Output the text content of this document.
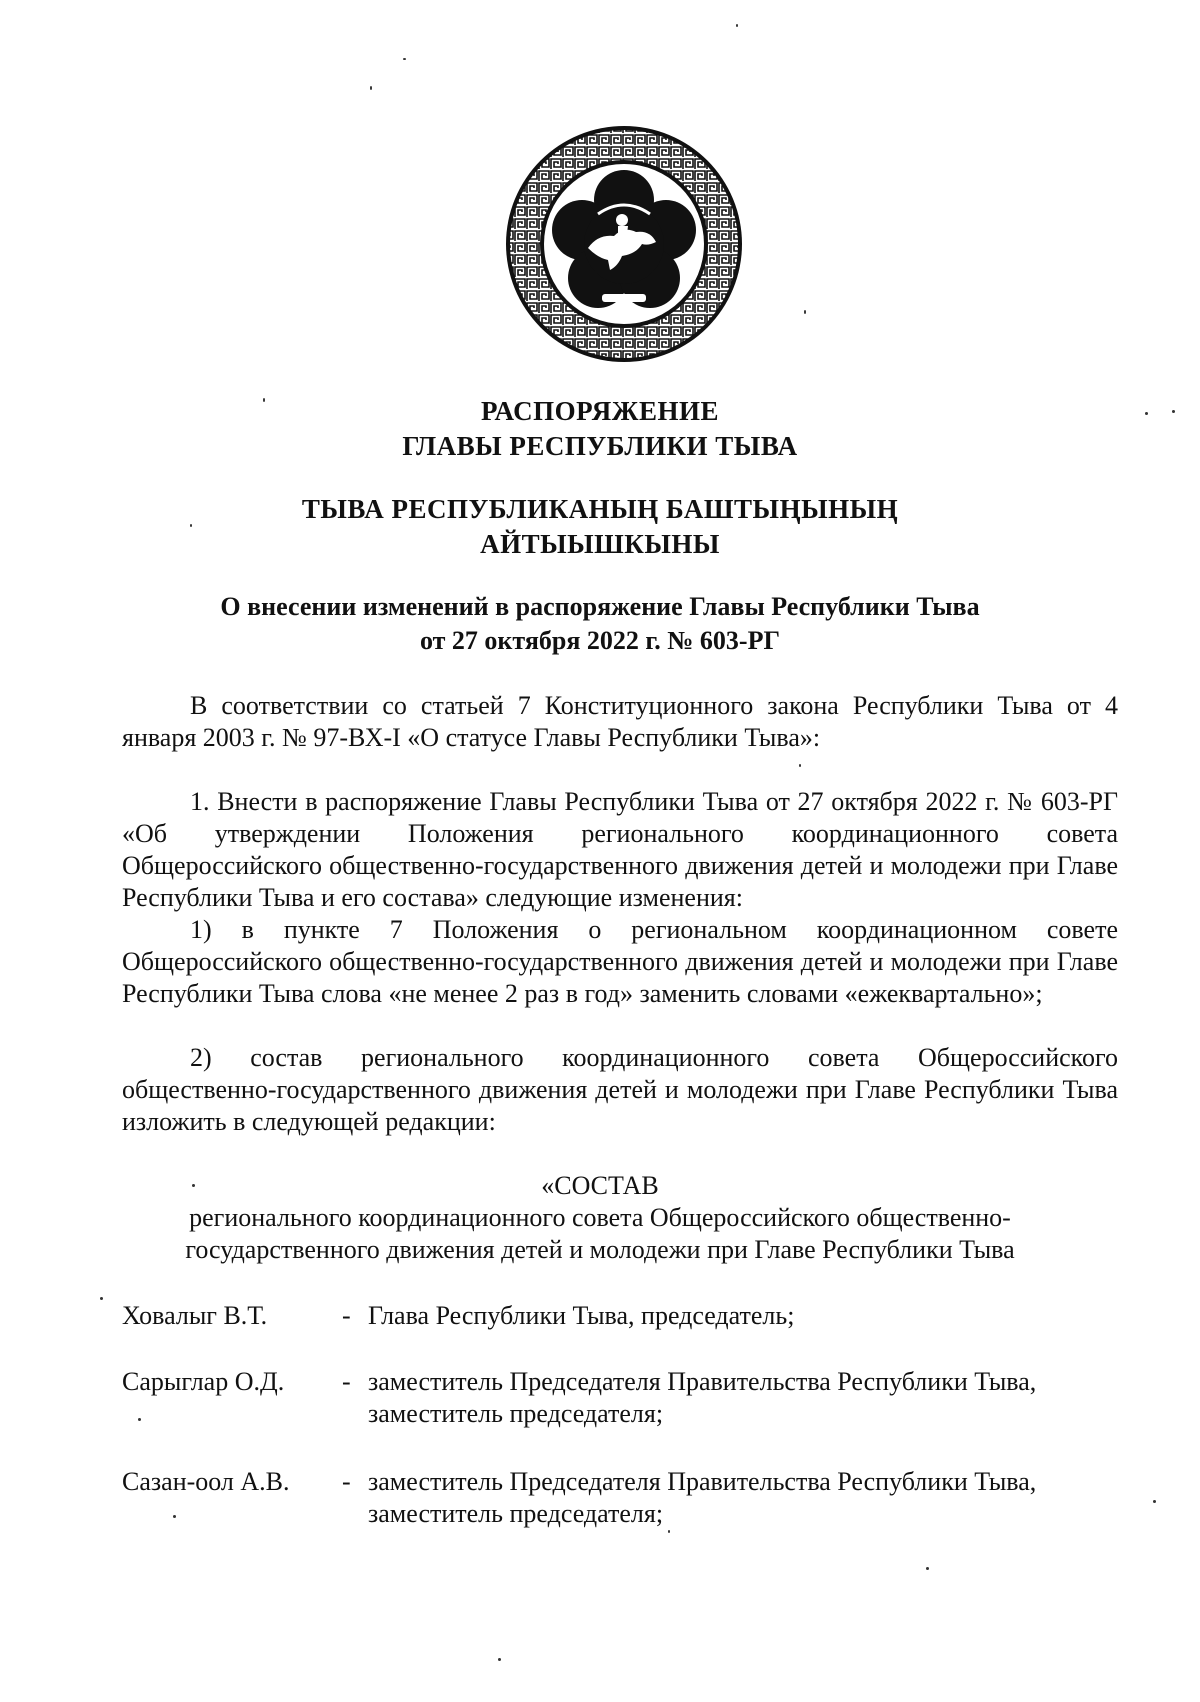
РАСПОРЯЖЕНИЕ
ГЛАВЫ РЕСПУБЛИКИ ТЫВА
ТЫВА РЕСПУБЛИКАНЫҢ БАШТЫҢЫНЫҢ
АЙТЫЫШКЫНЫ
О внесении изменений в распоряжение Главы Республики Тыва
от 27 октября 2022 г. № 603-РГ
В соответствии со статьей 7 Конституционного закона Республики Тыва от 4 января 2003 г. № 97-ВХ-I «О статусе Главы Республики Тыва»:
1. Внести в распоряжение Главы Республики Тыва от 27 октября 2022 г. № 603-РГ «Об утверждении Положения регионального координационного совета Общероссийского общественно-государственного движения детей и молодежи при Главе Республики Тыва и его состава» следующие изменения:
1) в пункте 7 Положения о региональном координационном совете Общероссийского общественно-государственного движения детей и молодежи при Главе Республики Тыва слова «не менее 2 раз в год» заменить словами «ежеквартально»;
2) состав регионального координационного совета Общероссийского общественно-государственного движения детей и молодежи при Главе Республики Тыва изложить в следующей редакции:
«СОСТАВ
регионального координационного совета Общероссийского общественно-
государственного движения детей и молодежи при Главе Республики Тыва
Ховалыг В.Т.	- Глава Республики Тыва, председатель;
Сарыглар О.Д.	- заместитель Председателя Правительства Республики Тыва, заместитель председателя;
Сазан-оол А.В.	- заместитель Председателя Правительства Республики Тыва, заместитель председателя;
